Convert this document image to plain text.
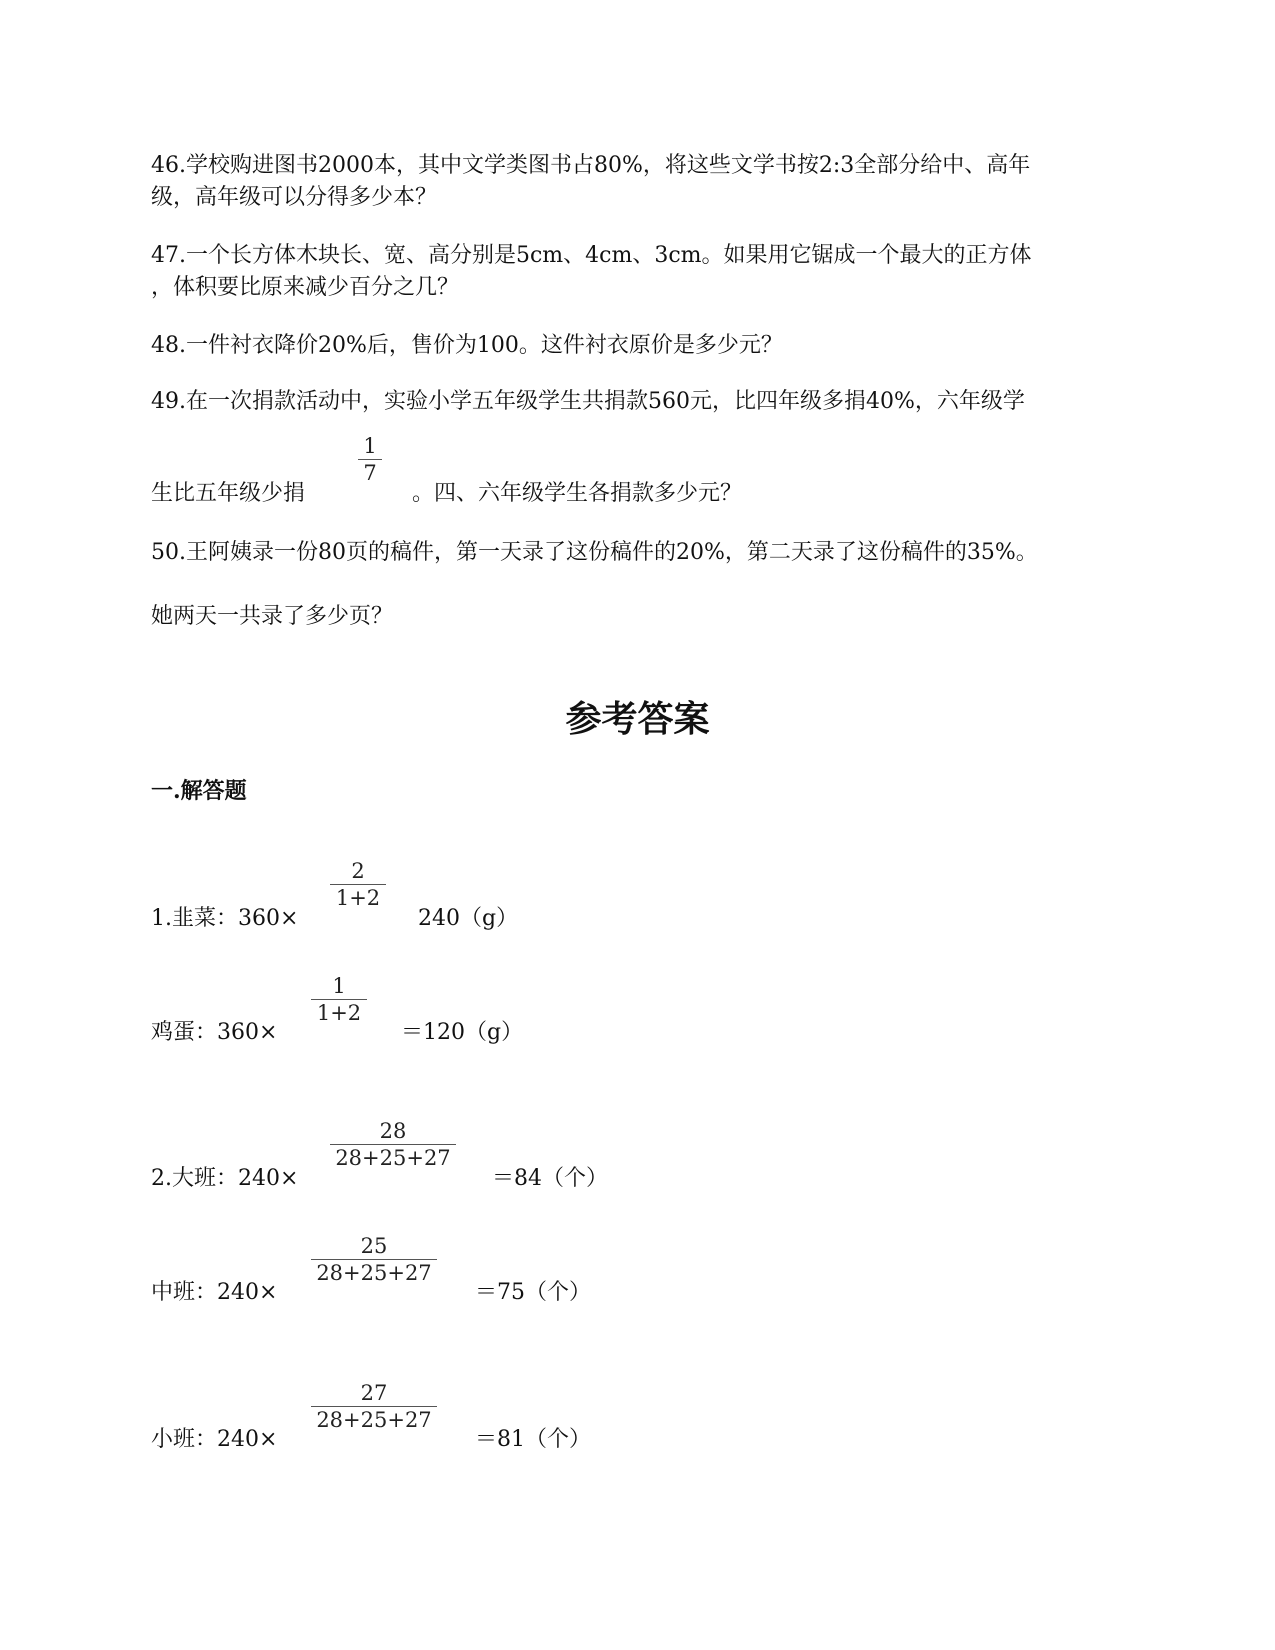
46.学校购进图书2000本，其中文学类图书占80%，将这些文学书按2:3全部分给中、高年
级，高年级可以分得多少本？
47.一个长方体木块长、宽、高分别是5cm、4cm、3cm。如果用它锯成一个最大的正方体
，体积要比原来减少百分之几？
48.一件衬衣降价20%后，售价为100。这件衬衣原价是多少元？
49.在一次捐款活动中，实验小学五年级学生共捐款560元，比四年级多捐40%，六年级学
生比五年级少捐
1
7
。四、六年级学生各捐款多少元？
50.王阿姨录一份80页的稿件，第一天录了这份稿件的20%，第二天录了这份稿件的35%。
她两天一共录了多少页？
参考答案
一.解答题
1.韭菜：360×
2
1+2
240（g）
鸡蛋：360×
1
1+2
＝120（g）
2.大班：240×
28
28+25+27
＝84（个）
中班：240×
25
28+25+27
＝75（个）
小班：240×
27
28+25+27
＝81（个）
